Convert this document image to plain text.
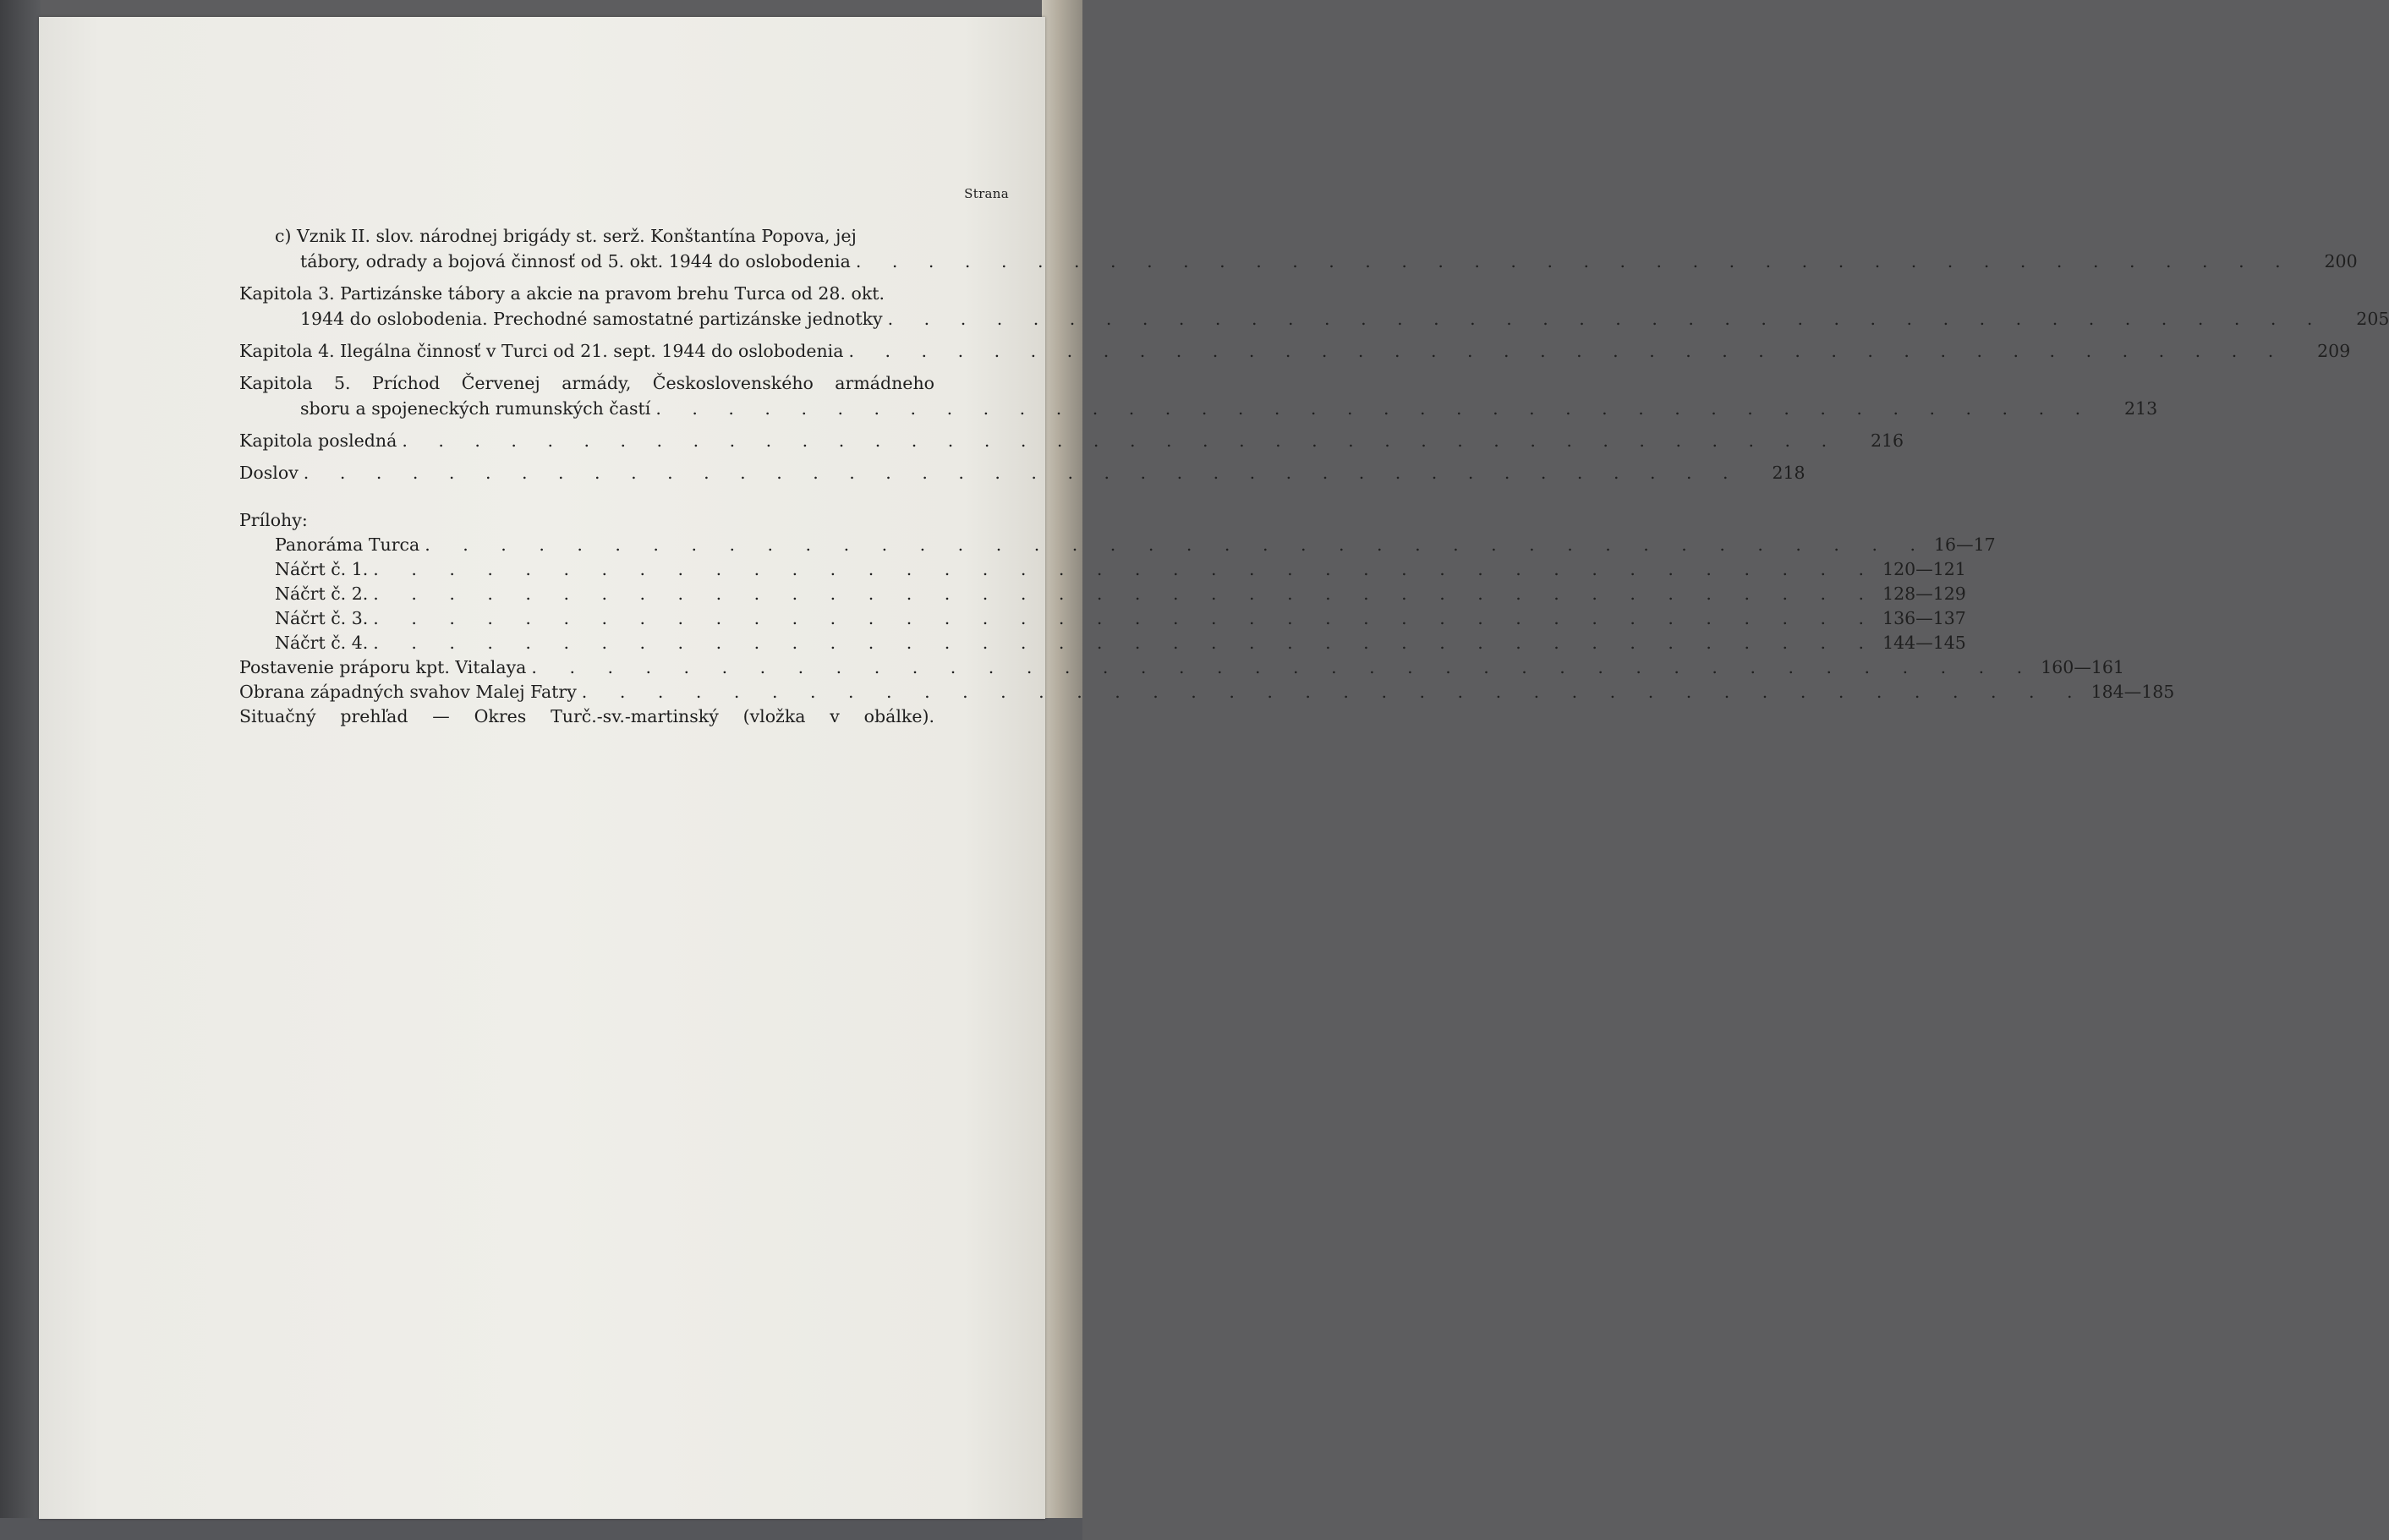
Strana
c) Vznik II. slov. národnej brigády st. serž. Konštantína Popova, jej
tábory, odrady a bojová činnosť od 5. okt. 1944 do oslobodenia . . . . . . . . . . . . . . . . . . . . . . . . . . . . . . . . . . . . . . . .	200
Kapitola 3. Partizánske tábory a akcie na pravom brehu Turca od 28. okt.
1944 do oslobodenia. Prechodné samostatné partizánske jednotky . . . . . . . . . . . . . . . . . . . . . . . . . . . . . . . . . . . . . . . .	205
Kapitola 4. Ilegálna činnosť v Turci od 21. sept. 1944 do oslobodenia . . . . . . . . . . . . . . . . . . . . . . . . . . . . . . . . . . . . . . . .	209
Kapitola 5. Príchod Červenej armády, Československého armádneho
sboru a spojeneckých rumunských častí . . . . . . . . . . . . . . . . . . . . . . . . . . . . . . . . . . . . . . . .	213
Kapitola posledná . . . . . . . . . . . . . . . . . . . . . . . . . . . . . . . . . . . . . . . .	216
Doslov . . . . . . . . . . . . . . . . . . . . . . . . . . . . . . . . . . . . . . . .	218
Prílohy:
Panoráma Turca . . . . . . . . . . . . . . . . . . . . . . . . . . . . . . . . . . . . . . . . 16—17
Náčrt č. 1. . . . . . . . . . . . . . . . . . . . . . . . . . . . . . . . . . . . . . . . . 120—121
Náčrt č. 2. . . . . . . . . . . . . . . . . . . . . . . . . . . . . . . . . . . . . . . . . 128—129
Náčrt č. 3. . . . . . . . . . . . . . . . . . . . . . . . . . . . . . . . . . . . . . . . . 136—137
Náčrt č. 4. . . . . . . . . . . . . . . . . . . . . . . . . . . . . . . . . . . . . . . . . 144—145
Postavenie práporu kpt. Vitalaya . . . . . . . . . . . . . . . . . . . . . . . . . . . . . . . . . . . . . . . . 160—161
Obrana západných svahov Malej Fatry . . . . . . . . . . . . . . . . . . . . . . . . . . . . . . . . . . . . . . . . 184—185
Situačný prehľad — Okres Turč.-sv.-martinský (vložka v obálke).
